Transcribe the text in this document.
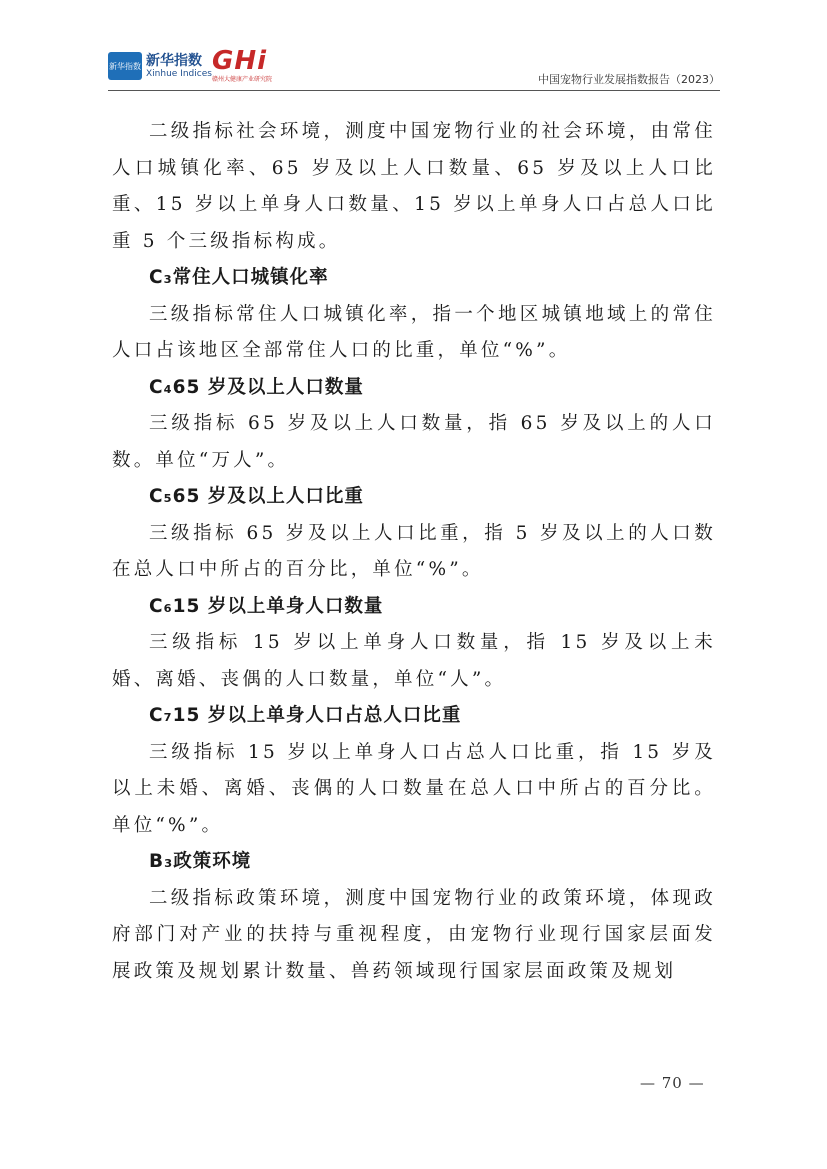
新华指数 新华指数
Xinhue Indices GHi
赣州大健康产业研究院	中国宠物行业发展指数报告（2023）

二级指标社会环境，测度中国宠物行业的社会环境，由常住人口城镇化率、65 岁及以上人口数量、65 岁及以上人口比重、15 岁以上单身人口数量、15 岁以上单身人口占总人口比重 5 个三级指标构成。

C₃常住人口城镇化率

三级指标常住人口城镇化率，指一个地区城镇地域上的常住人口占该地区全部常住人口的比重，单位“%”。

C₄65 岁及以上人口数量

三级指标 65 岁及以上人口数量，指 65 岁及以上的人口数。单位“万人”。

C₅65 岁及以上人口比重

三级指标 65 岁及以上人口比重，指 5 岁及以上的人口数在总人口中所占的百分比，单位“%”。

C₆15 岁以上单身人口数量

三级指标 15 岁以上单身人口数量，指 15 岁及以上未婚、离婚、丧偶的人口数量，单位“人”。

C₇15 岁以上单身人口占总人口比重

三级指标 15 岁以上单身人口占总人口比重，指 15 岁及以上未婚、离婚、丧偶的人口数量在总人口中所占的百分比。单位“%”。

B₃政策环境

二级指标政策环境，测度中国宠物行业的政策环境，体现政府部门对产业的扶持与重视程度，由宠物行业现行国家层面发展政策及规划累计数量、兽药领域现行国家层面政策及规划

— 70 —
